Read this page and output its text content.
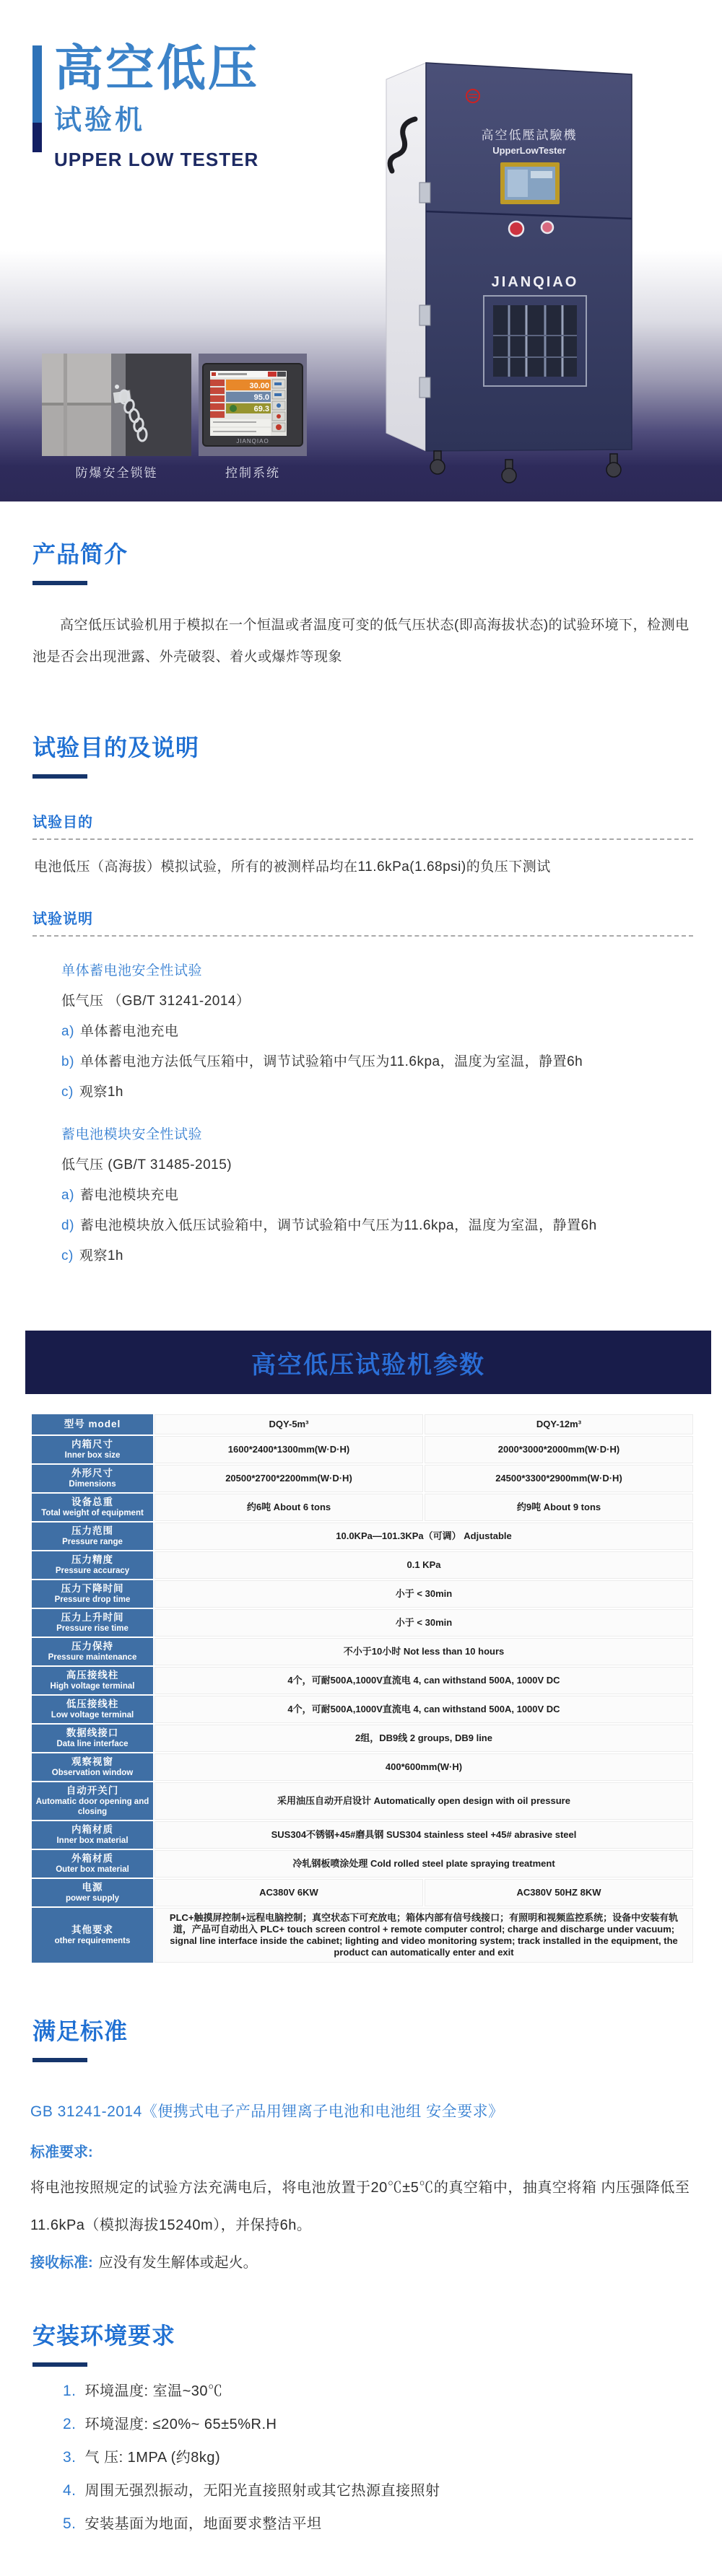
高空低压
试验机
UPPER LOW TESTER
高空低壓試驗機
UpperLowTester
JIANQIAO
防爆安全锁链
30.00
95.0
69.3
JIANQIAO
控制系统
产品简介

高空低压试验机用于模拟在一个恒温或者温度可变的低气压状态(即高海拔状态)的试验环境下，检测电池是否会出现泄露、外壳破裂、着火或爆炸等现象

试验目的及说明
试验目的

电池低压（高海拔）模拟试验，所有的被测样品均在11.6kPa(1.68psi)的负压下测试

试验说明
单体蓄电池安全性试验
低气压 （GB/T 31241-2014）

a) 单体蓄电池充电

b) 单体蓄电池方法低气压箱中，调节试验箱中气压为11.6kpa，温度为室温，静置6h

c) 观察1h

蓄电池模块安全性试验
低气压 (GB/T 31485-2015)

a) 蓄电池模块充电

d) 蓄电池模块放入低压试验箱中，调节试验箱中气压为11.6kpa，温度为室温，静置6h

c) 观察1h

高空低压试验机参数
型号 model	DQY-5m³	DQY-12m³

内箱尺寸
Inner box size	1600*2400*1300mm(W·D·H)	2000*3000*2000mm(W·D·H)

外形尺寸
Dimensions	20500*2700*2200mm(W·D·H)	24500*3300*2900mm(W·D·H)

设备总重
Total weight of equipment	约6吨 About 6 tons	约9吨 About 9 tons

压力范围
Pressure range	10.0KPa—101.3KPa（可调） Adjustable	

压力精度
Pressure accuracy	0.1 KPa	

压力下降时间
Pressure drop time	小于 < 30min	

压力上升时间
Pressure rise time	小于 < 30min	

压力保持
Pressure maintenance	不小于10小时 Not less than 10 hours	

高压接线柱
High voltage terminal	4个，可耐500A,1000V直流电 4, can withstand 500A, 1000V DC	

低压接线柱
Low voltage terminal	4个，可耐500A,1000V直流电 4, can withstand 500A, 1000V DC	

数据线接口
Data line interface	2组，DB9线 2 groups, DB9 line	

观察视窗
Observation window	400*600mm(W·H)	

自动开关门
Automatic door opening and closing	采用油压自动开启设计 Automatically open design with oil pressure	

内箱材质
Inner box material	SUS304不锈钢+45#磨具钢 SUS304 stainless steel +45# abrasive steel	

外箱材质
Outer box material	冷轧钢板喷涂处理 Cold rolled steel plate spraying treatment	

电源
power supply	AC380V 6KW	AC380V 50HZ 8KW

其他要求
other requirements	PLC+触摸屏控制+远程电脑控制；真空状态下可充放电；箱体内部有信号线接口；有照明和视频监控系统；设备中安装有轨道，产品可自动出入 PLC+ touch screen control + remote computer control; charge and discharge under vacuum; signal line interface inside the cabinet; lighting and video monitoring system; track installed in the equipment, the product can automatically enter and exit	
满足标准
GB 31241-2014《便携式电子产品用锂离子电池和电池组 安全要求》
标准要求:
将电池按照规定的试验方法充满电后，将电池放置于20℃±5℃的真空箱中，抽真空将箱 内压强降低至
11.6kPa（模拟海拔15240m），并保持6h。
接收标准: 应没有发生解体或起火。
安装环境要求
1. 环境温度: 室温~30℃
2. 环境湿度: ≤20%~ 65±5%R.H
3. 气 压: 1MPA (约8kg)
4. 周围无强烈振动，无阳光直接照射或其它热源直接照射
5. 安装基面为地面，地面要求整洁平坦
